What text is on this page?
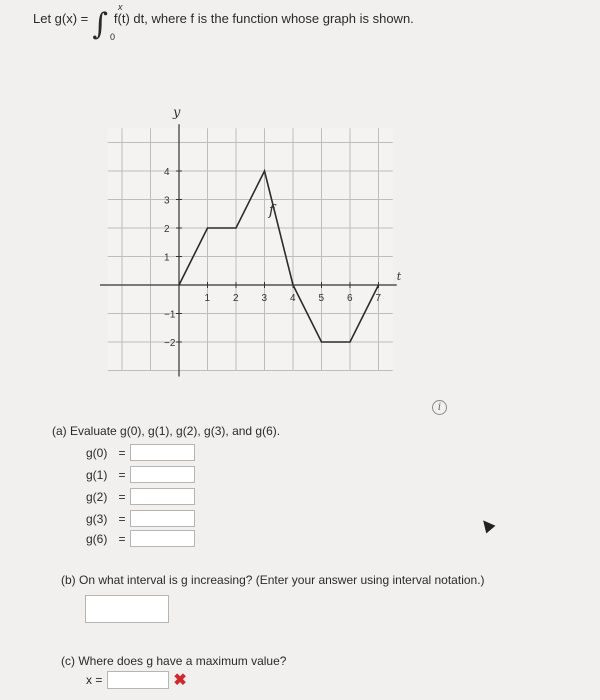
Let g(x) = ∫ f(t) dt, where f is the function whose graph is shown.
x
0
y
t
1 2 3 4 5 6 7
4
3
2
1
−1
−2
f
i
(a) Evaluate g(0), g(1), g(2), g(3), and g(6).
g(0) =
g(1) =
g(2) =
g(3) =
g(6) =
(b) On what interval is g increasing? (Enter your answer using interval notation.)
(c) Where does g have a maximum value?
x =	✖
